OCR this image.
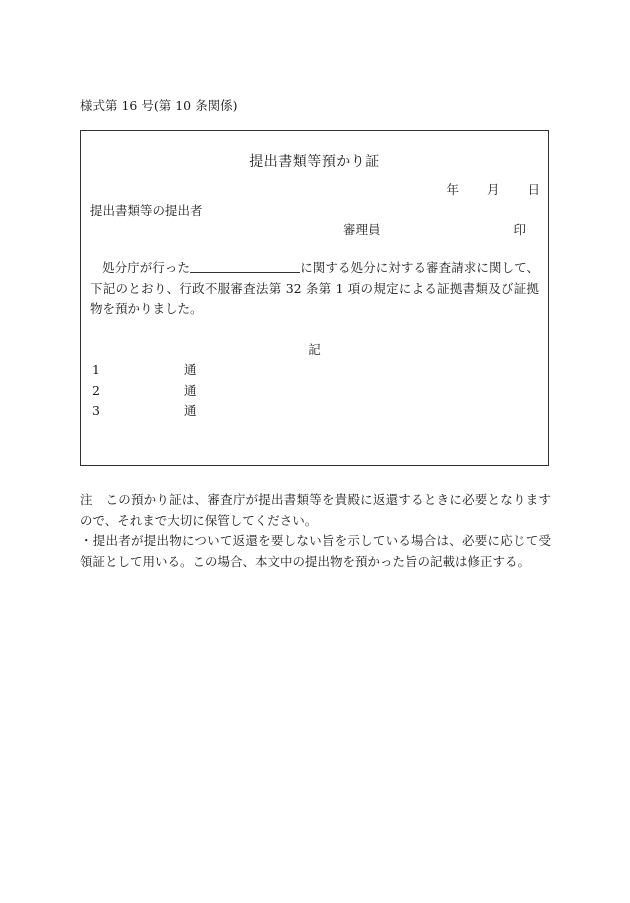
様式第 16 号(第 10 条関係)
提出書類等預かり証
年 月 日
提出書類等の提出者
審理員	印
処分庁が行った	に関する処分に対する審査請求に関して、下記のとおり、行政不服審査法第 32 条第 1 項の規定による証拠書類及び証拠物を預かりました。
記
1	通
2	通
3	通

注　この預かり証は、審査庁が提出書類等を貴殿に返還するときに必要となりますので、それまで大切に保管してください。

・提出者が提出物について返還を要しない旨を示している場合は、必要に応じて受領証として用いる。この場合、本文中の提出物を預かった旨の記載は修正する。
